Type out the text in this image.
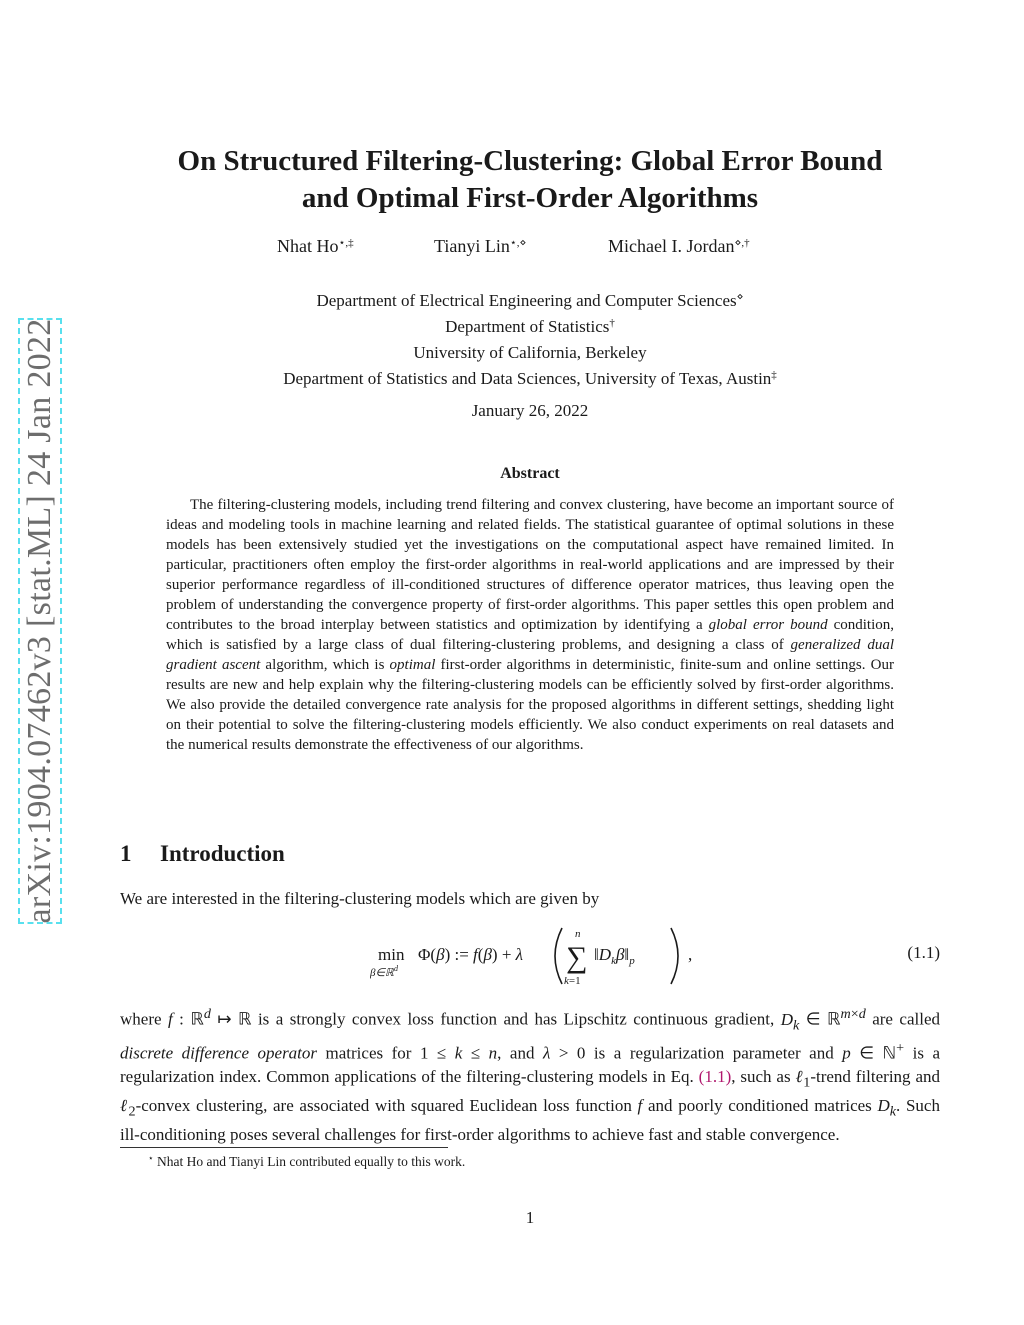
arXiv:1904.07462v3 [stat.ML] 24 Jan 2022
On Structured Filtering-Clustering: Global Error Bound
and Optimal First-Order Algorithms
Nhat Ho⋆,‡	Tianyi Lin⋆,⋄	Michael I. Jordan⋄,†
Department of Electrical Engineering and Computer Sciences⋄
Department of Statistics†
University of California, Berkeley
Department of Statistics and Data Sciences, University of Texas, Austin‡
January 26, 2022
Abstract
The filtering-clustering models, including trend filtering and convex clustering, have become an important source of ideas and modeling tools in machine learning and related fields. The statistical guarantee of optimal solutions in these models has been extensively studied yet the investigations on the computational aspect have remained limited. In particular, practitioners often employ the first-order algorithms in real-world applications and are impressed by their superior performance regardless of ill-conditioned structures of difference operator matrices, thus leaving open the problem of understanding the convergence property of first-order algorithms. This paper settles this open problem and contributes to the broad interplay between statistics and optimization by identifying a global error bound condition, which is satisfied by a large class of dual filtering-clustering problems, and designing a class of generalized dual gradient ascent algorithm, which is optimal first-order algorithms in deterministic, finite-sum and online settings. Our results are new and help explain why the filtering-clustering models can be efficiently solved by first-order algorithms. We also provide the detailed convergence rate analysis for the proposed algorithms in different settings, shedding light on their potential to solve the filtering-clustering models efficiently. We also conduct experiments on real datasets and the numerical results demonstrate the effectiveness of our algorithms.
1 Introduction
We are interested in the filtering-clustering models which are given by
min
β∈ℝ d
Φ(β) := f(β) + λ
n
∑
k=1
$‖D_k\beta‖_p$	,	(1.1)
where f : ℝ$^d$ ↦ ℝ is a strongly convex loss function and has Lipschitz continuous gradient, $D_k$ ∈ ℝ$^{m\times d}$ are called discrete difference operator matrices for 1 ≤ k ≤ n, and λ > 0 is a regularization parameter and p ∈ ℕ+ is a regularization index. Common applications of the filtering-clustering models in Eq. (1.1), such as ℓ$_1$-trend filtering and ℓ$_2$-convex clustering, are associated with squared Euclidean loss function f and poorly conditioned matrices $D_k$. Such ill-conditioning poses several challenges for first-order algorithms to achieve fast and stable convergence.
⋆ Nhat Ho and Tianyi Lin contributed equally to this work.
1
